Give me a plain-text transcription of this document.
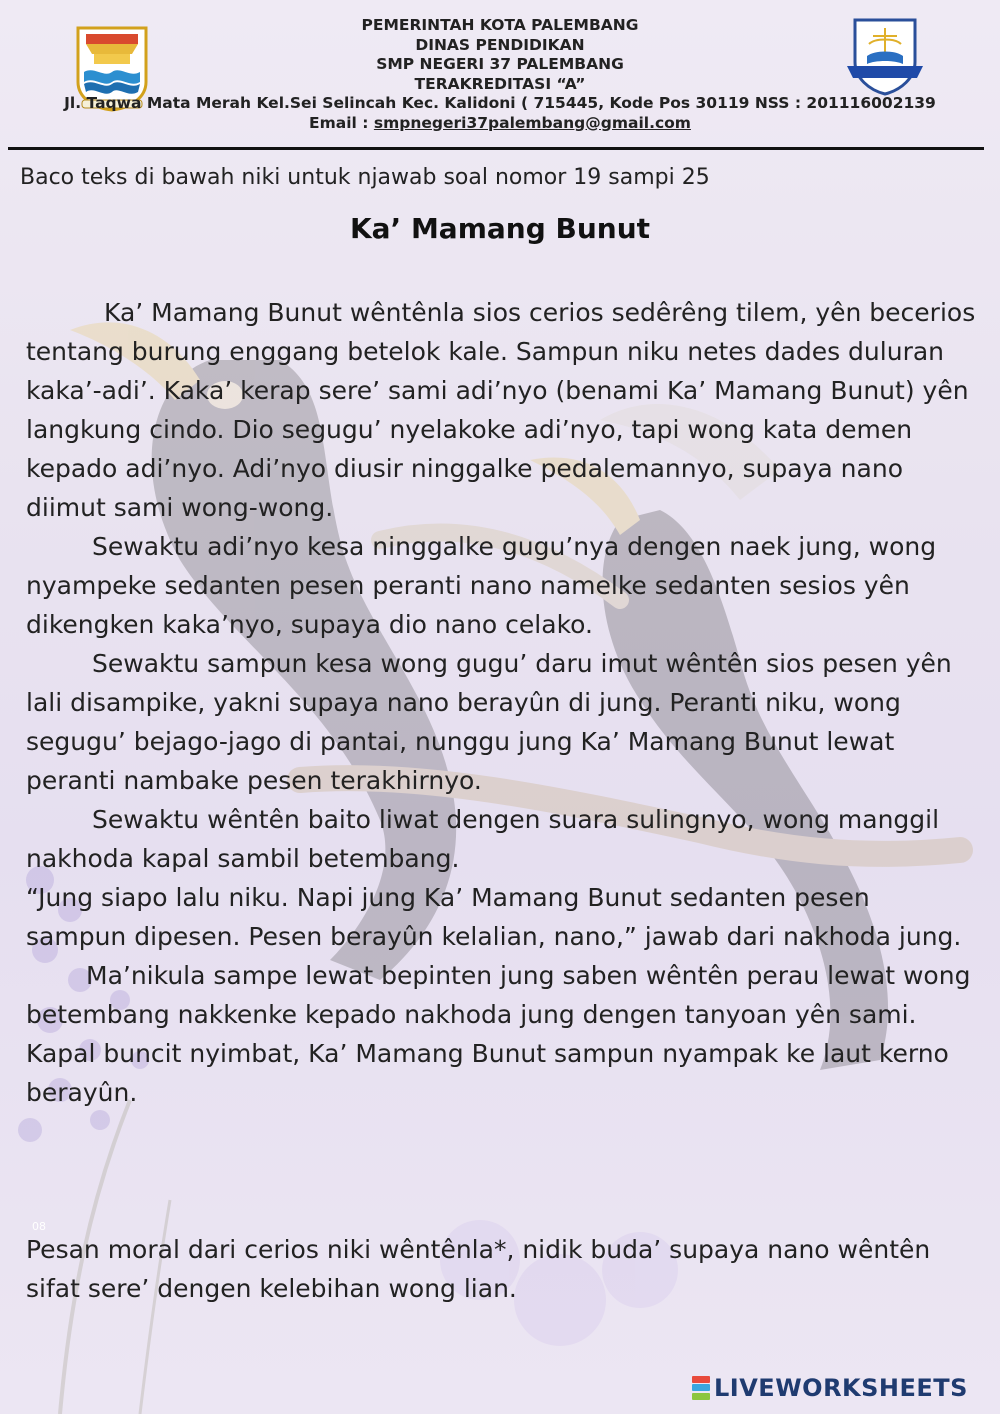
PEMERINTAH KOTA PALEMBANG
DINAS PENDIDIKAN
SMP NEGERI 37 PALEMBANG
TERAKREDITASI “A”
Jl. Taqwa Mata Merah Kel.Sei Selincah Kec. Kalidoni ( 715445, Kode Pos 30119 NSS : 201116002139
Email : smpnegeri37palembang@gmail.com
Baco teks di bawah niki untuk njawab soal nomor 19 sampi 25
Ka’ Mamang Bunut

Ka’ Mamang Bunut wêntênla sios cerios sedêrêng tilem, yên becerios tentang burung enggang betelok kale. Sampun niku netes dades duluran kaka’-adi’. Kaka’ kerap sere’ sami adi’nyo (benami Ka’ Mamang Bunut) yên langkung cindo. Dio segugu’ nyelakoke adi’nyo, tapi wong kata demen kepado adi’nyo. Adi’nyo diusir ninggalke pedalemannyo, supaya nano diimut sami wong-wong.

Sewaktu adi’nyo kesa ninggalke gugu’nya dengen naek jung, wong nyampeke sedanten pesen peranti nano namelke sedanten sesios yên dikengken kaka’nyo, supaya dio nano celako.

Sewaktu sampun kesa wong gugu’ daru imut wêntên sios pesen yên lali disampike, yakni supaya nano berayûn di jung. Peranti niku, wong segugu’ bejago-jago di pantai, nunggu jung Ka’ Mamang Bunut lewat peranti nambake pesen terakhirnyo.

Sewaktu wêntên baito liwat dengen suara sulingnyo, wong manggil nakhoda kapal sambil betembang.

“Jung siapo lalu niku. Napi jung Ka’ Mamang Bunut sedanten pesen sampun dipesen. Pesen berayûn kelalian, nano,” jawab dari nakhoda jung.

Ma’nikula sampe lewat bepinten jung saben wêntên perau lewat wong betembang nakkenke kepado nakhoda jung dengen tanyoan yên sami. Kapal buncit nyimbat, Ka’ Mamang Bunut sampun nyampak ke laut kerno berayûn.

08
Pesan moral dari cerios niki wêntênla*, nidik buda’ supaya nano wêntên sifat sere’ dengen kelebihan wong lian.
LIVEWORKSHEETS
